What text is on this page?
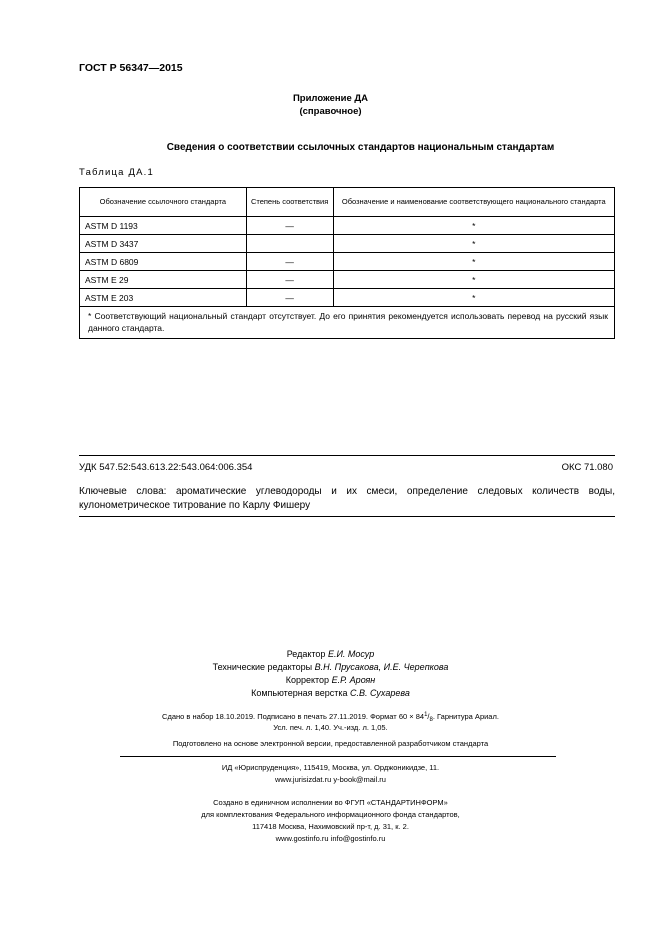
ГОСТ Р 56347—2015
Приложение ДА
(справочное)
Сведения о соответствии ссылочных стандартов национальным стандартам
Таблица ДА.1
Обозначение ссылочного стандарта	Степень соответствия	Обозначение и наименование соответствующего национального стандарта
ASTM D 1193	—	*
ASTM D 3437		*
ASTM D 6809	—	*
ASTM E 29	—	*
ASTM E 203	—	*
* Соответствующий национальный стандарт отсутствует. До его принятия рекомендуется использовать перевод на русский язык данного стандарта.		
УДК 547.52:543.613.22:543.064:006.354	ОКС 71.080
Ключевые слова: ароматические углеводороды и их смеси, определение следовых количеств воды, кулонометрическое титрование по Карлу Фишеру
Редактор Е.И. Мосур
Технические редакторы В.Н. Прусакова, И.Е. Черепкова
Корректор Е.Р. Ароян
Компьютерная верстка С.В. Сухарева
Сдано в набор 18.10.2019. Подписано в печать 27.11.2019. Формат $60 \times 84^1/_8$. Гарнитура Ариал.
Усл. печ. л. 1,40. Уч.-изд. л. 1,05.
Подготовлено на основе электронной версии, предоставленной разработчиком стандарта
ИД «Юриспруденция», 115419, Москва, ул. Орджоникидзе, 11.
www.jurisizdat.ru y-book@mail.ru
Создано в единичном исполнении во ФГУП «СТАНДАРТИНФОРМ»
для комплектования Федерального информационного фонда стандартов,
117418 Москва, Нахимовский пр-т, д. 31, к. 2.
www.gostinfo.ru info@gostinfo.ru
